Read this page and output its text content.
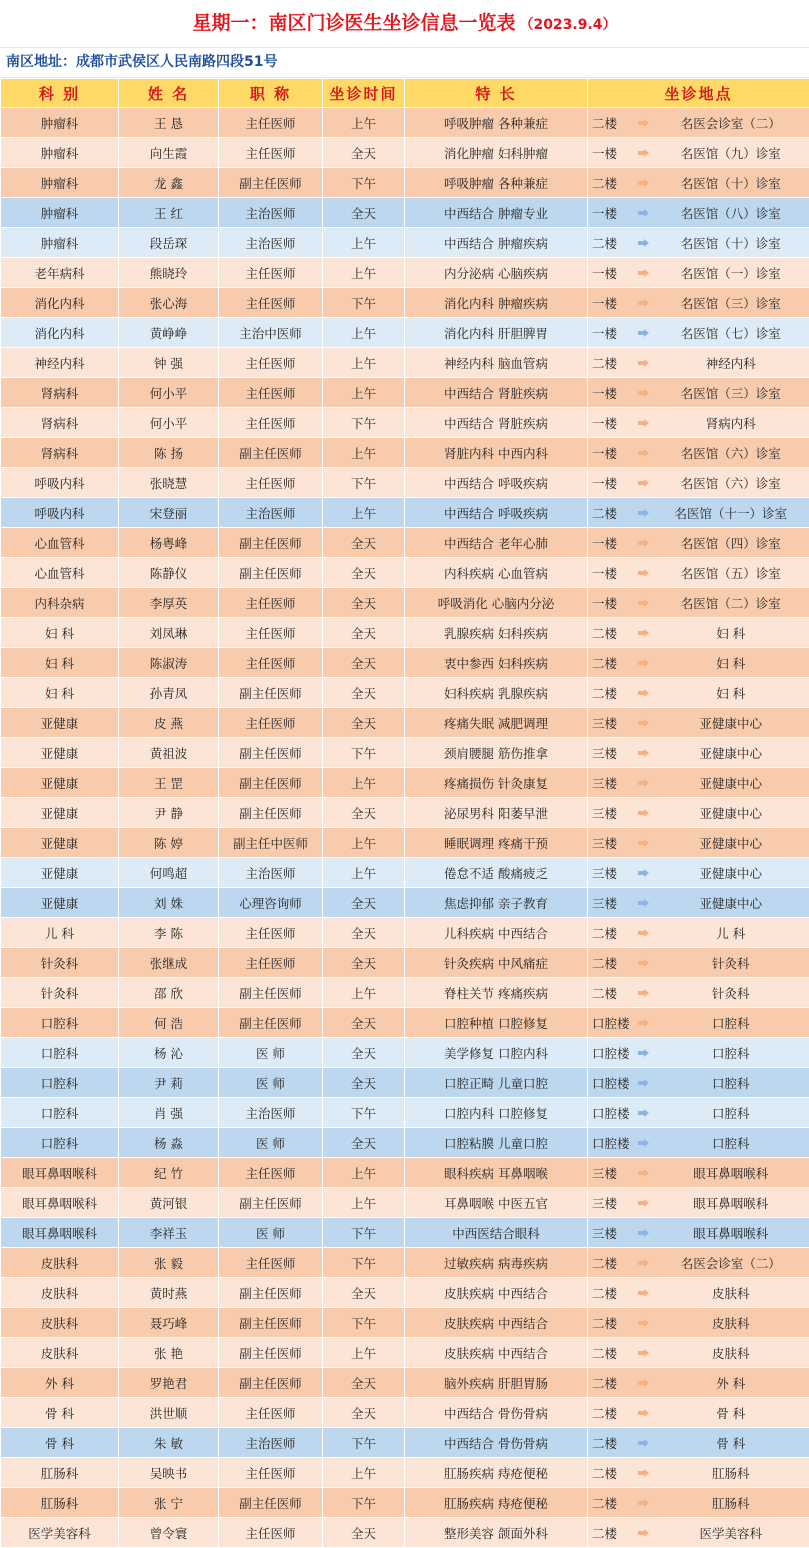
星期一：南区门诊医生坐诊信息一览表 （2023.9.4）
南区地址：成都市武侯区人民南路四段51号
科 别	姓 名	职 称	坐诊时间	特 长	坐诊地点	
肿瘤科	王 恳	主任医师	上午	呼吸肿瘤 各种兼症	二楼	名医会诊室（二）

肿瘤科	向生霞	主任医师	全天	消化肿瘤 妇科肿瘤	一楼	名医馆（九）诊室

肿瘤科	龙 鑫	副主任医师	下午	呼吸肿瘤 各种兼症	二楼	名医馆（十）诊室

肿瘤科	王 红	主治医师	全天	中西结合 肿瘤专业	一楼	名医馆（八）诊室

肿瘤科	段岳琛	主治医师	上午	中西结合 肿瘤疾病	二楼	名医馆（十）诊室

老年病科	熊晓玲	主任医师	上午	内分泌病 心脑疾病	一楼	名医馆（一）诊室

消化内科	张心海	主任医师	下午	消化内科 肿瘤疾病	一楼	名医馆（三）诊室

消化内科	黄峥峥	主治中医师	上午	消化内科 肝胆脾胃	一楼	名医馆（七）诊室

神经内科	钟 强	主任医师	上午	神经内科 脑血管病	二楼	神经内科

肾病科	何小平	主任医师	上午	中西结合 肾脏疾病	一楼	名医馆（三）诊室

肾病科	何小平	主任医师	下午	中西结合 肾脏疾病	一楼	肾病内科

肾病科	陈 扬	副主任医师	上午	肾脏内科 中西内科	一楼	名医馆（六）诊室

呼吸内科	张晓慧	主任医师	下午	中西结合 呼吸疾病	一楼	名医馆（六）诊室

呼吸内科	宋登丽	主治医师	上午	中西结合 呼吸疾病	二楼	名医馆（十一）诊室

心血管科	杨粤峰	副主任医师	全天	中西结合 老年心肺	一楼	名医馆（四）诊室

心血管科	陈静仪	副主任医师	全天	内科疾病 心血管病	一楼	名医馆（五）诊室

内科杂病	李厚英	主任医师	全天	呼吸消化 心脑内分泌	一楼	名医馆（二）诊室

妇 科	刘凤琳	主任医师	全天	乳腺疾病 妇科疾病	二楼	妇 科

妇 科	陈淑涛	主任医师	全天	衷中参西 妇科疾病	二楼	妇 科

妇 科	孙青凤	副主任医师	全天	妇科疾病 乳腺疾病	二楼	妇 科

亚健康	皮 燕	主任医师	全天	疼痛失眠 减肥调理	三楼	亚健康中心

亚健康	黄祖波	副主任医师	下午	颈肩腰腿 筋伤推拿	三楼	亚健康中心

亚健康	王 罡	副主任医师	上午	疼痛损伤 针灸康复	三楼	亚健康中心

亚健康	尹 静	副主任医师	全天	泌尿男科 阳萎早泄	三楼	亚健康中心

亚健康	陈 婷	副主任中医师	上午	睡眠调理 疼痛干预	三楼	亚健康中心

亚健康	何鸣超	主治医师	上午	倦怠不适 酸痛疲乏	三楼	亚健康中心

亚健康	刘 姝	心理咨询师	全天	焦虑抑郁 亲子教育	三楼	亚健康中心

儿 科	李 陈	主任医师	全天	儿科疾病 中西结合	二楼	儿 科

针灸科	张继成	主任医师	全天	针灸疾病 中风痛症	二楼	针灸科

针灸科	邵 欣	副主任医师	上午	脊柱关节 疼痛疾病	二楼	针灸科

口腔科	何 浩	副主任医师	全天	口腔种植 口腔修复	口腔楼	口腔科

口腔科	杨 沁	医 师	全天	美学修复 口腔内科	口腔楼	口腔科

口腔科	尹 莉	医 师	全天	口腔正畸 儿童口腔	口腔楼	口腔科

口腔科	肖 强	主治医师	下午	口腔内科 口腔修复	口腔楼	口腔科

口腔科	杨 淼	医 师	全天	口腔粘膜 儿童口腔	口腔楼	口腔科

眼耳鼻咽喉科	纪 竹	主任医师	上午	眼科疾病 耳鼻咽喉	三楼	眼耳鼻咽喉科

眼耳鼻咽喉科	黄河银	副主任医师	上午	耳鼻咽喉 中医五官	三楼	眼耳鼻咽喉科

眼耳鼻咽喉科	李祥玉	医 师	下午	中西医结合眼科	三楼	眼耳鼻咽喉科

皮肤科	张 毅	主任医师	下午	过敏疾病 病毒疾病	二楼	名医会诊室（二）

皮肤科	黄时燕	副主任医师	全天	皮肤疾病 中西结合	二楼	皮肤科

皮肤科	聂巧峰	副主任医师	下午	皮肤疾病 中西结合	二楼	皮肤科

皮肤科	张 艳	副主任医师	上午	皮肤疾病 中西结合	二楼	皮肤科

外 科	罗艳君	副主任医师	全天	脑外疾病 肝胆胃肠	二楼	外 科

骨 科	洪世顺	主任医师	全天	中西结合 骨伤骨病	二楼	骨 科

骨 科	朱 敏	主治医师	下午	中西结合 骨伤骨病	二楼	骨 科

肛肠科	吴映书	主任医师	上午	肛肠疾病 痔疮便秘	二楼	肛肠科

肛肠科	张 宁	副主任医师	下午	肛肠疾病 痔疮便秘	二楼	肛肠科

医学美容科	曾令寰	主任医师	全天	整形美容 颌面外科	二楼	医学美容科
